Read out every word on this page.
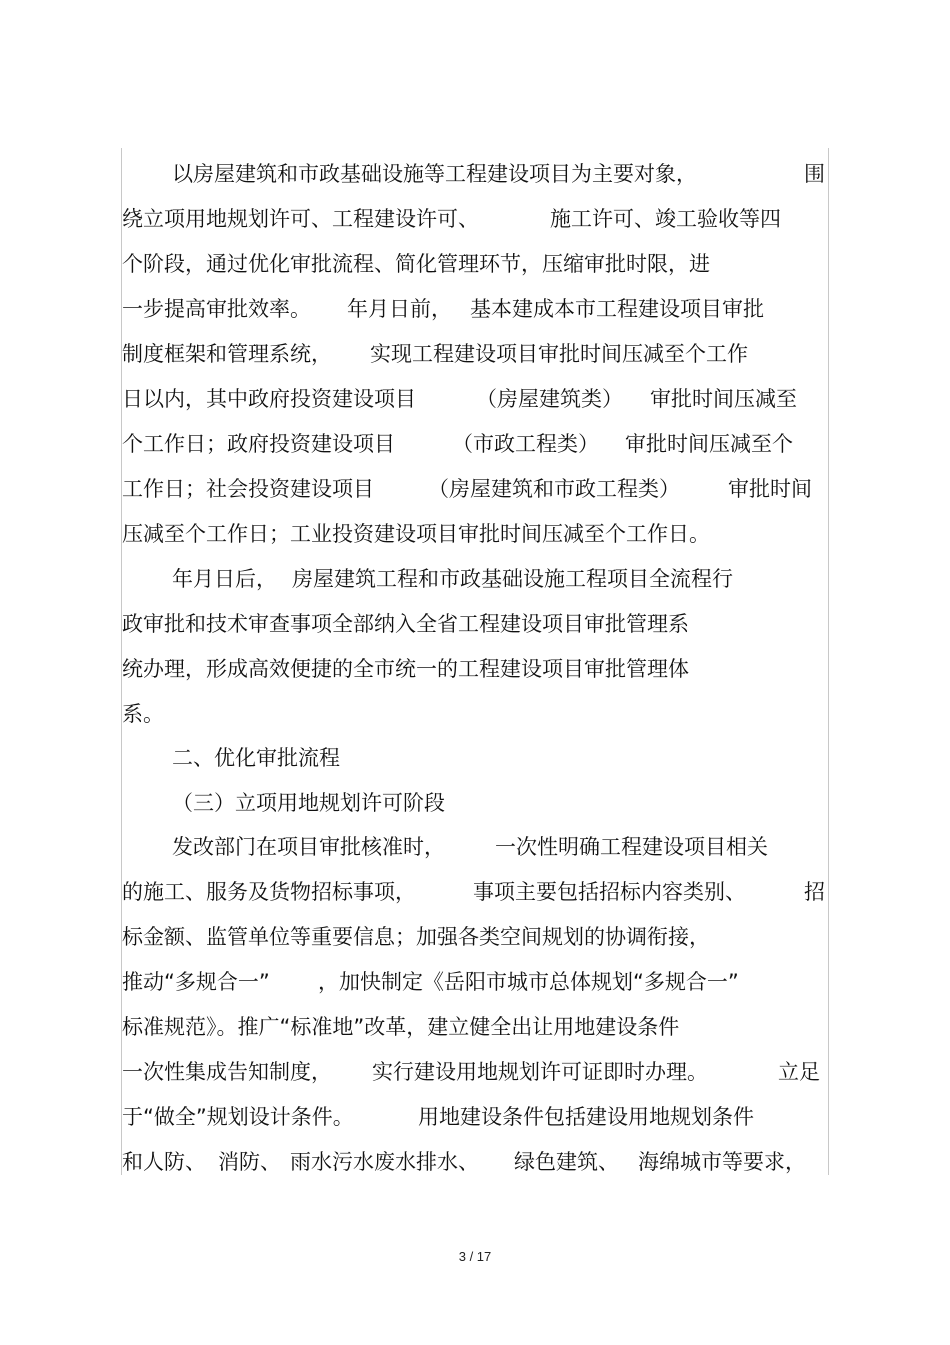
以房屋建筑和市政基础设施等工程建设项目为主要对象，	围
绕立项用地规划许可、工程建设许可、	施工许可、竣工验收等四
个阶段，通过优化审批流程、简化管理环节，压缩审批时限，进
一步提高审批效率。 年月日前， 基本建成本市工程建设项目审批
制度框架和管理系统， 实现工程建设项目审批时间压减至个工作
日以内，其中政府投资建设项目	（房屋建筑类） 审批时间压减至
个工作日；政府投资建设项目	（市政工程类） 审批时间压减至个
工作日；社会投资建设项目	（房屋建筑和市政工程类） 审批时间
压减至个工作日；工业投资建设项目审批时间压减至个工作日。
年月日后， 房屋建筑工程和市政基础设施工程项目全流程行
政审批和技术审查事项全部纳入全省工程建设项目审批管理系
统办理，形成高效便捷的全市统一的工程建设项目审批管理体
系。
二、优化审批流程
（三）立项用地规划许可阶段
发改部门在项目审批核准时， 一次性明确工程建设项目相关
的施工、服务及货物招标事项，	事项主要包括招标内容类别、	招
标金额、监管单位等重要信息；加强各类空间规划的协调衔接，
推动“多规合一” ，加快制定《岳阳市城市总体规划“多规合一”
标准规范》。推广“标准地”改革，建立健全出让用地建设条件
一次性集成告知制度， 实行建设用地规划许可证即时办理。	立足
于“做全”规划设计条件。	用地建设条件包括建设用地规划条件
和人防、 消防、 雨水污水废水排水、 绿色建筑、 海绵城市等要求，
3 / 17
